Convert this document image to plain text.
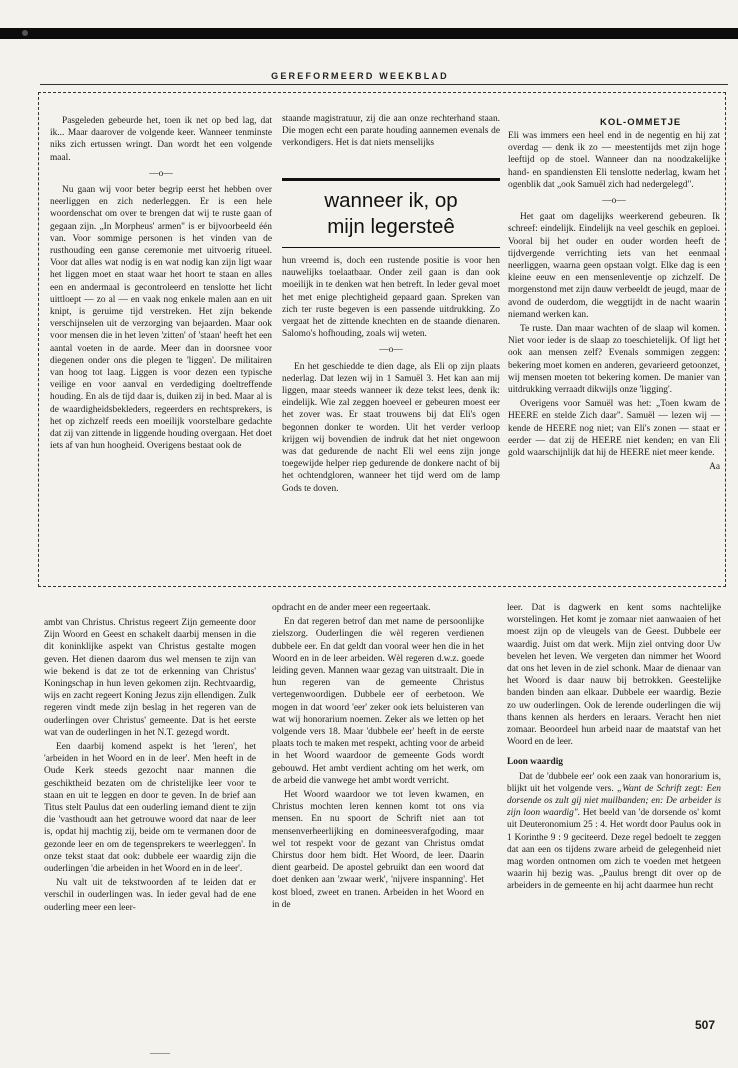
GEREFORMEERD WEEKBLAD
KOL-OMMETJE

Pasgeleden gebeurde het, toen ik net op bed lag, dat ik... Maar daarover de volgende keer. Wanneer tenminste niks zich ertussen wringt. Dan wordt het een volgende maal.

—o—

Nu gaan wij voor beter begrip eerst het hebben over neerliggen en zich nederleggen. Er is een hele woordenschat om over te brengen dat wij te ruste gaan of gegaan zijn. „In Morpheus' armen" is er bijvoorbeeld één van. Voor sommige personen is het vinden van de rusthouding een ganse ceremonie met uitvoerig ritueel. Voor dat alles wat nodig is en wat nodig kan zijn ligt waar het liggen moet en staat waar het hoort te staan en alles een en andermaal is gecontroleerd en tenslotte het licht uittloept — zo al — en vaak nog enkele malen aan en uit knipt, is geruime tijd verstreken. Het zijn bekende verschijnselen uit de verzorging van bejaarden. Maar ook voor mensen die in het leven 'zitten' of 'staan' heeft het een aantal voeten in de aarde. Meer dan in doorsnee voor diegenen onder ons die plegen te 'liggen'. De militairen van hoog tot laag. Liggen is voor dezen een typische veilige en voor aanval en verdediging doeltreffende houding. En als de tijd daar is, duiken zij in bed. Maar al is de waardigheidsbekleders, regeerders en rechtsprekers, is het op zichzelf reeds een moeilijk voorstelbare gedachte dat zij van zittende in liggende houding overgaan. Het doet iets af van hun hoogheid. Overigens bestaat ook de

staande magistratuur, zij die aan onze rechterhand staan. Die mogen echt een parate houding aannemen evenals de verkondigers. Het is dat niets menselijks

wanneer ik, op
mijn legersteê

hun vreemd is, doch een rustende positie is voor hen nauwelijks toelaatbaar. Onder zeil gaan is dan ook moeilijk in te denken wat hen betreft. In leder geval moet het met enige plechtigheid gepaard gaan. Spreken van zich ter ruste begeven is een passende uitdrukking. Zo vergaat het de zittende knechten en de staande dienaren. Salomo's hofhouding, zoals wij weten.

—o—

En het geschiedde te dien dage, als Eli op zijn plaats nederlag. Dat lezen wij in 1 Samuël 3. Het kan aan mij liggen, maar steeds wanneer ik deze tekst lees, denk ik: eindelijk. Wie zal zeggen hoeveel er gebeuren moest eer het zover was. Er staat trouwens bij dat Eli's ogen begonnen donker te worden. Uit het verder verloop krijgen wij bovendien de indruk dat het niet ongewoon was dat gedurende de nacht Eli wel eens zijn jonge toegewijde helper riep gedurende de donkere nacht of bij het ochtendgloren, wanneer het tijd werd om de lamp Gods te doven.

Eli was immers een heel end in de negentig en hij zat overdag — denk ik zo — meestentijds met zijn hoge leeftijd op de stoel. Wanneer dan na noodzakelijke hand- en spandiensten Eli tenslotte nederlag, kwam het ogenblik dat „ook Samuël zich had nedergelegd".

—o—

Het gaat om dagelijks weerkerend gebeuren. Ik schreef: eindelijk. Eindelijk na veel geschik en geploei. Vooral bij het ouder en ouder worden heeft de tijdvergende verrichting iets van het eenmaal neerliggen, waarna geen opstaan volgt. Elke dag is een kleine eeuw en een mensenleventje op zichzelf. De morgenstond met zijn dauw verbeeldt de jeugd, maar de avond de ouderdom, die weggtijdt in de nacht waarin niemand werken kan.

Te ruste. Dan maar wachten of de slaap wil komen. Niet voor ieder is de slaap zo toeschietelijk. Of ligt het ook aan mensen zelf? Evenals sommigen zeggen: bekering moet komen en anderen, gevarieerd getoonzet, wij mensen moeten tot bekering komen. De manier van uitdrukking verraadt dikwijls onze 'ligging'.

Overigens voor Samuël was het: „Toen kwam de HEERE en stelde Zich daar". Samuël — lezen wij — kende de HEERE nog niet; van Eli's zonen — staat er eerder — dat zij de HEERE niet kenden; en van Eli gold waarschijnlijk dat hij de HEERE niet meer kende.

Aa

ambt van Christus. Christus regeert Zijn gemeente door Zijn Woord en Geest en schakelt daarbij mensen in die dit koninklijke aspekt van Christus gestalte mogen geven. Het dienen daarom dus wel mensen te zijn van wie bekend is dat ze tot de erkenning van Christus' Koningschap in hun leven gekomen zijn. Rechtvaardig, wijs en zacht regeert Koning Jezus zijn ellendigen. Zulk regeren vindt mede zijn beslag in het regeren van de ouderlingen over Christus' gemeente. Dat is het eerste wat van de ouderlingen in het N.T. gezegd wordt.

Een daarbij komend aspekt is het 'leren', het 'arbeiden in het Woord en in de leer'. Men heeft in de Oude Kerk steeds gezocht naar mannen die geschiktheid bezaten om de christelijke leer voor te staan en uit te leggen en door te geven. In de brief aan Titus stelt Paulus dat een ouderling iemand dient te zijn die 'vasthoudt aan het getrouwe woord dat naar de leer is, opdat hij machtig zij, beide om te vermanen door de gezonde leer en om de tegensprekers te weerleggen'. In onze tekst staat dat ook: dubbele eer waardig zijn die ouderlingen 'die arbeiden in het Woord en in de leer'.

Nu valt uit de tekstwoorden af te leiden dat er verschil in ouderlingen was. In ieder geval had de ene ouderling meer een leer-

opdracht en de ander meer een regeertaak.

En dat regeren betrof dan met name de persoonlijke zielszorg. Ouderlingen die wèl regeren verdienen dubbele eer. En dat geldt dan vooral weer hen die in het Woord en in de leer arbeiden. Wèl regeren d.w.z. goede leiding geven. Mannen waar gezag van uitstraalt. Die in hun regeren van de gemeente Christus vertegenwoordigen. Dubbele eer of eerbetoon. We mogen in dat woord 'eer' zeker ook iets beluisteren van wat wij honorarium noemen. Zeker als we letten op het volgende vers 18. Maar 'dubbele eer' heeft in de eerste plaats toch te maken met respekt, achting voor de arbeid in het Woord waardoor de gemeente Gods wordt gebouwd. Het ambt verdient achting om het werk, om de arbeid die vanwege het ambt wordt verricht.

Het Woord waardoor we tot leven kwamen, en Christus mochten leren kennen komt tot ons via mensen. En nu spoort de Schrift niet aan tot mensenverheerlijking en domineesverafgoding, maar wel tot respekt voor de gezant van Christus omdat Chirstus door hem bidt. Het Woord, de leer. Daarin dient gearbeid. De apostel gebruikt dan een woord dat doet denken aan 'zwaar werk', 'nijvere inspanning'. Het kost bloed, zweet en tranen. Arbeiden in het Woord en in de

leer. Dat is dagwerk en kent soms nachtelijke worstelingen. Het komt je zomaar niet aanwaaien of het moest zijn op de vleugels van de Geest. Dubbele eer waardig. Juist om dat werk. Mijn ziel ontving door Uw bevelen het leven. We vergeten dan nimmer het Woord dat ons het leven in de ziel schonk. Maar de dienaar van het Woord is daar nauw bij betrokken. Geestelijke banden binden aan elkaar. Dubbele eer waardig. Bezie zo uw ouderlingen. Ook de lerende ouderlingen die wij thans kennen als herders en leraars. Veracht hen niet zomaar. Beoordeel hun arbeid naar de maatstaf van het Woord en de leer.

Loon waardig

Dat de 'dubbele eer' ook een zaak van honorarium is, blijkt uit het volgende vers. „Want de Schrift zegt: Een dorsende os zult gij niet muilbanden; en: De arbeider is zijn loon waardig". Het beeld van 'de dorsende os' komt uit Deuteronomium 25 : 4. Het wordt door Paulus ook in 1 Korinthe 9 : 9 geciteerd. Deze regel bedoelt te zeggen dat aan een os tijdens zware arbeid de gelegenheid niet mag worden ontnomen om zich te voeden met hetgeen waarin hij bezig was. „Paulus brengt dit over op de arbeiders in de gemeente en hij acht daarmee hun recht

507
